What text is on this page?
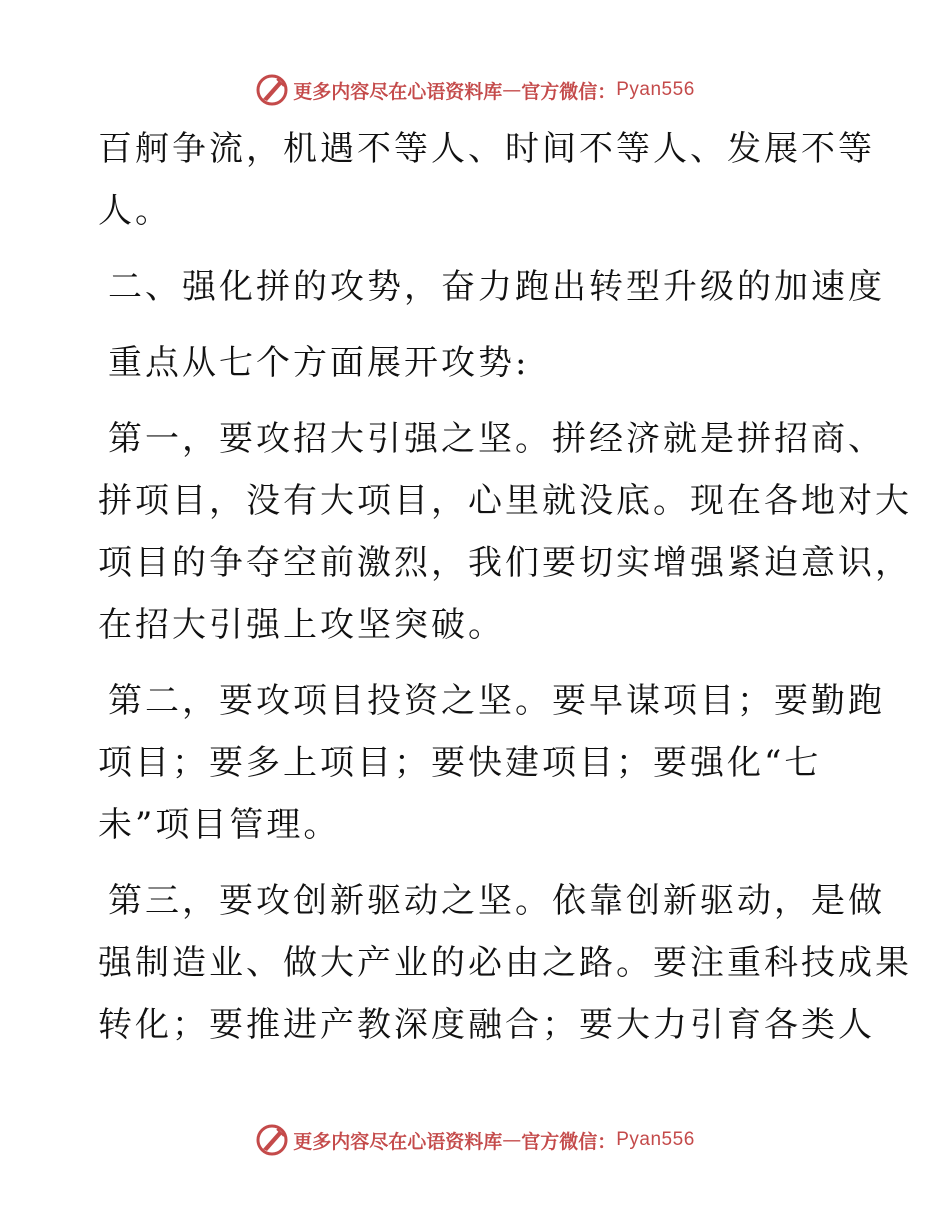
更多内容尽在心语资料库 — 官方微信： Pyan556
百舸争流，机遇不等人、时间不等人、发展不等
人。
二、强化拼的攻势，奋力跑出转型升级的加速度
重点从七个方面展开攻势:
第一，要攻招大引强之坚。拼经济就是拼招商、
拼项目，没有大项目，心里就没底。现在各地对大
项目的争夺空前激烈，我们要切实增强紧迫意识，
在招大引强上攻坚突破。
第二，要攻项目投资之坚。要早谋项目；要勤跑
项目；要多上项目；要快建项目；要强化“七
未”项目管理。
第三，要攻创新驱动之坚。依靠创新驱动，是做
强制造业、做大产业的必由之路。要注重科技成果
转化；要推进产教深度融合；要大力引育各类人
更多内容尽在心语资料库 — 官方微信： Pyan556
